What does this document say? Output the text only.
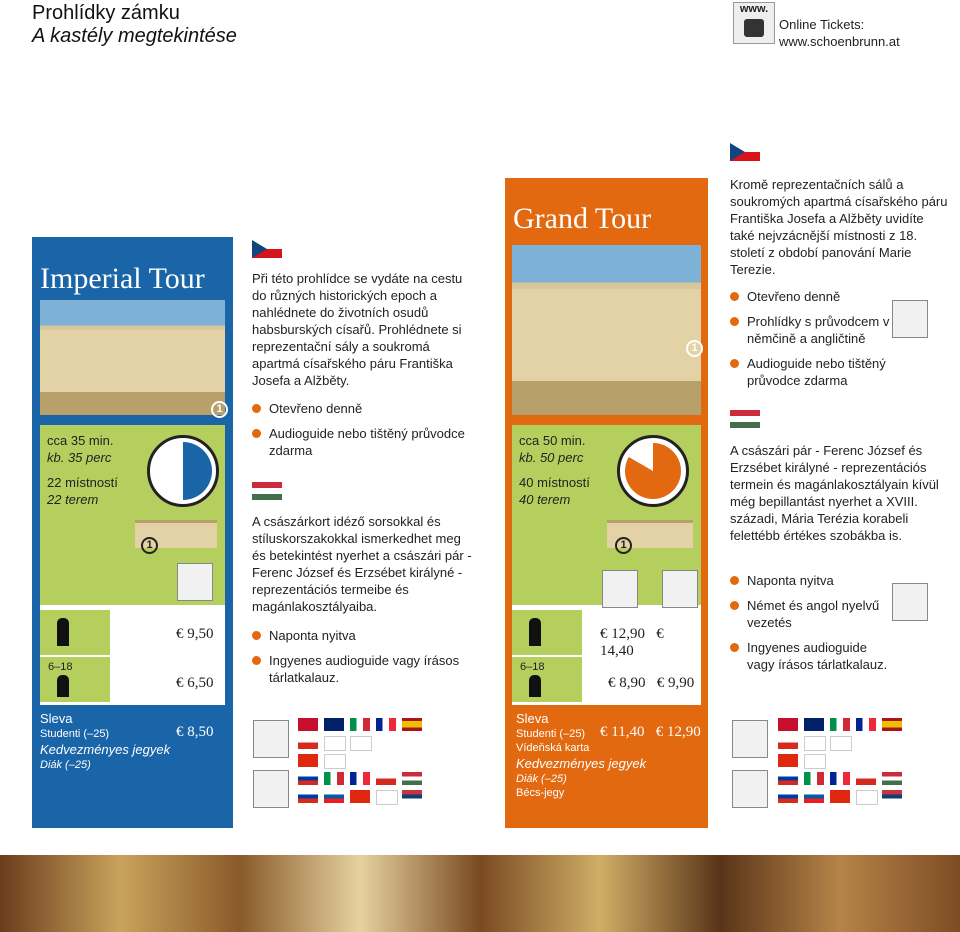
Prohlídky zámku
A kastély megtekintése
www.
Online Tickets:
www.schoenbrunn.at
Imperial Tour
1
cca 35 min.
kb. 35 perc
22 místností
22 terem
1
€ 9,50
6–18
€ 6,50
Sleva
Studenti (–25)
Kedvezményes jegyek
Diák (–25)
€ 8,50
Při této prohlídce se vydáte na cestu do různých historických epoch a nahlédnete do životních osudů habsburských císařů. Prohlédnete si reprezentační sály a soukromá apartmá císařského páru Františka Josefa a Alžběty.
Otevřeno denně
Audioguide nebo tištěný průvodce zdarma
A császárkort idéző sorsokkal és stíluskorszakokkal ismerkedhet meg és betekintést nyerhet a császári pár - Ferenc József és Erzsébet királyné - reprezentációs termeibe és magánlakosztályaiba.
Naponta nyitva
Ingyenes audioguide vagy írásos tárlatkalauz.
Grand Tour
1
cca 50 min.
kb. 50 perc
40 místností
40 terem
1
€ 12,90 € 14,40
6–18
€ 8,90 € 9,90
Sleva
Studenti (–25)
Vídeňská karta
Kedvezményes jegyek
Diák (–25)
Bécs-jegy
€ 11,40 € 12,90
Kromě reprezentačních sálů a soukromých apartmá císařského páru Františka Josefa a Alžběty uvidíte také nejvzácnější místnosti z 18. století z období panování Marie Terezie.
Otevřeno denně
Prohlídky s průvodcem v němčině a angličtině
Audioguide nebo tištěný průvodce zdarma
A császári pár - Ferenc József és Erzsébet királyné - reprezentációs termein és magánlakosztályain kívül még bepillantást nyerhet a XVIII. századi, Mária Terézia korabeli felettébb értékes szobákba is.
Naponta nyitva
Német és angol nyelvű vezetés
Ingyenes audioguide vagy írásos tárlatkalauz.
